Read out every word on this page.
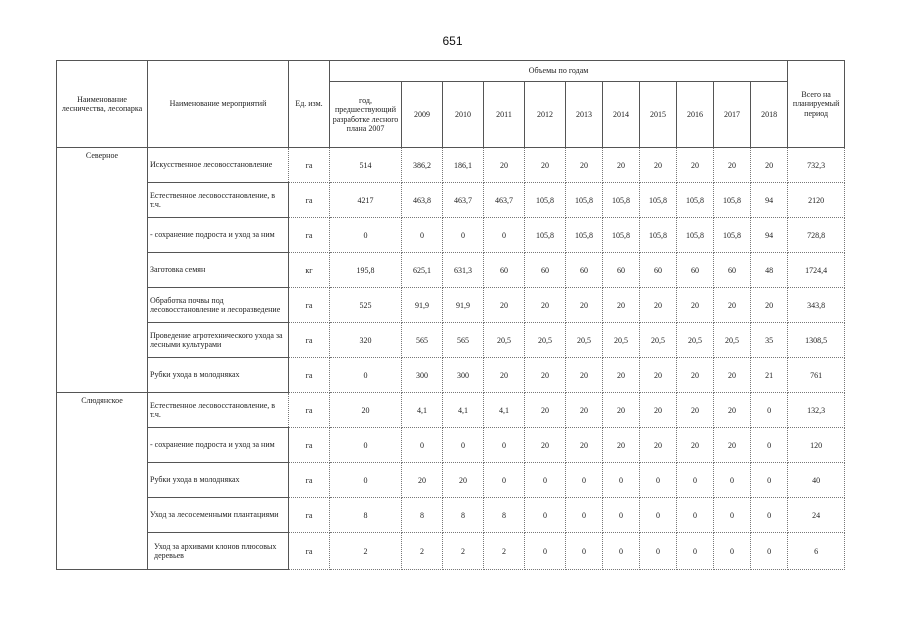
651
Наименование лесничества, лесопарка	Наименование мероприятий	Ед. изм.	Объемы по годам											Всего на планируемый период
			год, предшествующий разработке лесного плана 2007	2009	2010	2011	2012	2013	2014	2015	2016	2017	2018	
Северное	Искусственное лесовосстановление	га	514	386,2	186,1	20	20	20	20	20	20	20	20	732,3
	Естественное лесовосстановление, в т.ч.	га	4217	463,8	463,7	463,7	105,8	105,8	105,8	105,8	105,8	105,8	94	2120
	- сохранение подроста и уход за ним	га	0	0	0	0	105,8	105,8	105,8	105,8	105,8	105,8	94	728,8
	Заготовка семян	кг	195,8	625,1	631,3	60	60	60	60	60	60	60	48	1724,4
	Обработка почвы под лесовосстановление и лесоразведение	га	525	91,9	91,9	20	20	20	20	20	20	20	20	343,8
	Проведение агротехнического ухода за лесными культурами	га	320	565	565	20,5	20,5	20,5	20,5	20,5	20,5	20,5	35	1308,5
	Рубки ухода в молодняках	га	0	300	300	20	20	20	20	20	20	20	21	761
Слюдянское	Естественное лесовосстановление, в т.ч.	га	20	4,1	4,1	4,1	20	20	20	20	20	20	0	132,3
	- сохранение подроста и уход за ним	га	0	0	0	0	20	20	20	20	20	20	0	120
	Рубки ухода в молодняках	га	0	20	20	0	0	0	0	0	0	0	0	40
	Уход за лесосеменными плантациями	га	8	8	8	8	0	0	0	0	0	0	0	24
	Уход за архивами клонов плюсовых деревьев	га	2	2	2	2	0	0	0	0	0	0	0	6
